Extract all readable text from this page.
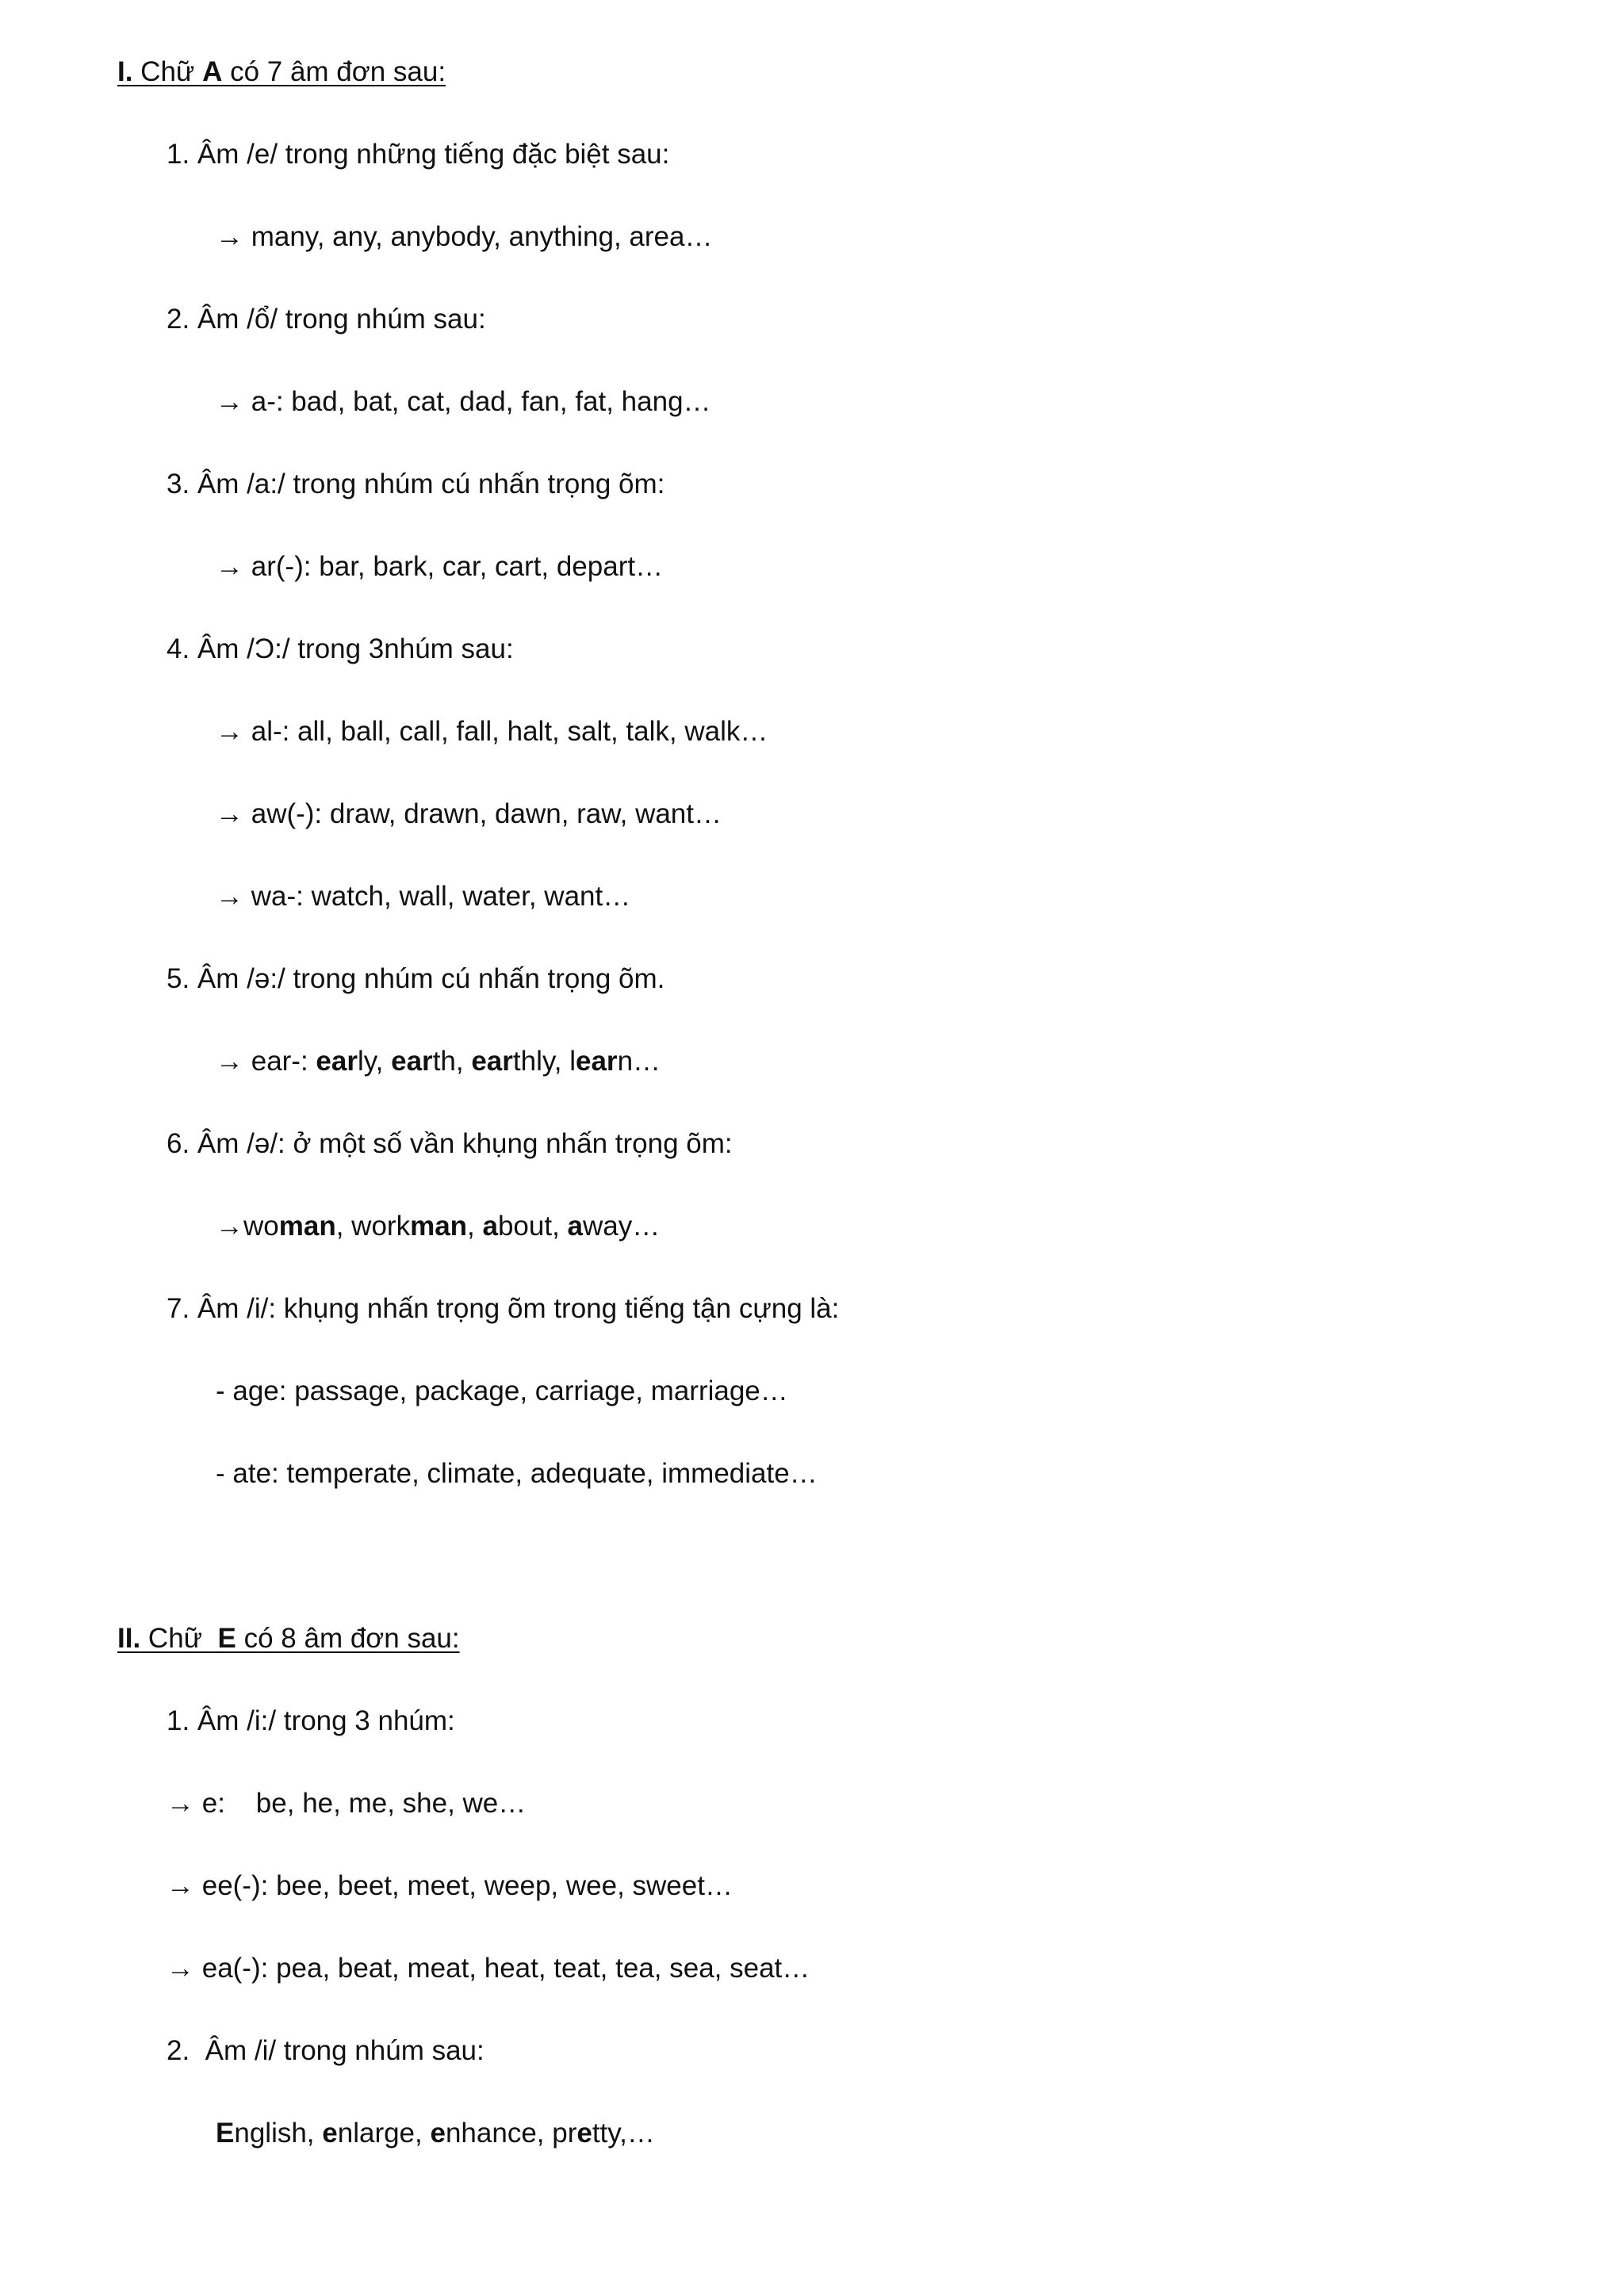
I. Chữ A có 7 âm đơn sau:
1. Âm /e/ trong những tiếng đặc biệt sau:
→ many, any, anybody, anything, area…
2. Âm /ổ/ trong nhúm sau:
→ a-: bad, bat, cat, dad, fan, fat, hang…
3. Âm /a:/ trong nhúm cú nhấn trọng õm:
→ ar(-): bar, bark, car, cart, depart…
4. Âm /Ɔ:/ trong 3nhúm sau:
→ al-: all, ball, call, fall, halt, salt, talk, walk…
→ aw(-): draw, drawn, dawn, raw, want…
→ wa-: watch, wall, water, want…
5. Âm /ə:/ trong nhúm cú nhấn trọng õm.
→ ear-: early, earth, earthly, learn…
6. Âm /ə/: ở một số vần khụng nhấn trọng õm:
→woman, workman, about, away…
7. Âm /i/: khụng nhấn trọng õm trong tiếng tận cựng là:
- age: passage, package, carriage, marriage…
- ate: temperate, climate, adequate, immediate…
II. Chữ  E có 8 âm đơn sau:
1. Âm /i:/ trong 3 nhúm:
→ e:    be, he, me, she, we…
→ ee(-): bee, beet, meet, weep, wee, sweet…
→ ea(-): pea, beat, meat, heat, teat, tea, sea, seat…
2.  Âm /i/ trong nhúm sau:
English, enlarge, enhance, pretty,…
